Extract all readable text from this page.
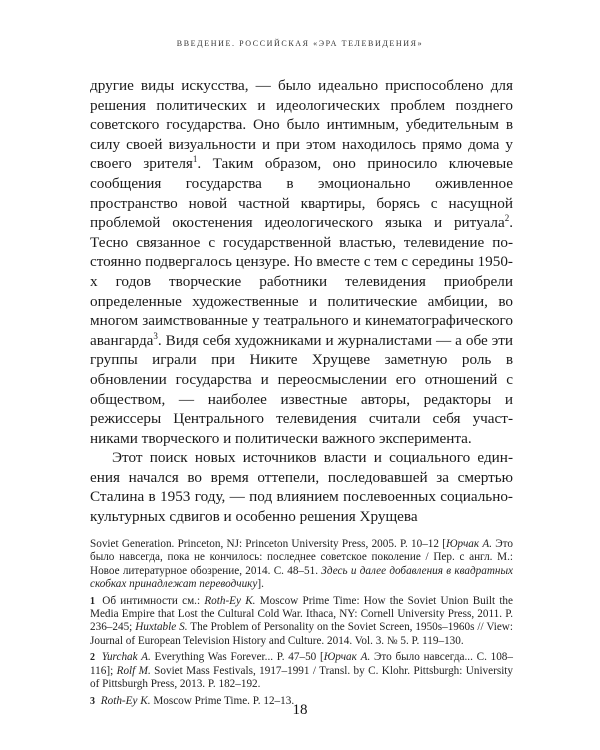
ВВЕДЕНИЕ. РОССИЙСКАЯ «ЭРА ТЕЛЕВИДЕНИЯ»

другие виды искусства, — было идеально приспособлено для решения политических и идеологических проблем позднего советского государства. Оно было интимным, убедительным в силу своей визуальности и при этом находилось прямо дома у своего зрителя$^1$. Таким образом, оно приносило ключевые сообщения государства в эмоционально оживленное пространство новой частной квартиры, борясь с насущной проблемой окостенения идеологического языка и ритуала$^2$. Тесно связанное с государственной властью, телевидение постоянно подвергалось цензуре. Но вместе с тем с середины 1950-х годов творческие работники телевидения приобрели определенные художественные и политические амбиции, во многом заимствованные у театрального и кинематографического авангарда$^3$. Видя себя художниками и журналистами — а обе эти группы играли при Никите Хрущеве заметную роль в обновлении государства и переосмыслении его отношений с обществом, — наиболее известные авторы, редакторы и режиссеры Центрального телевидения считали себя участниками творческого и политически важного эксперимента.

Этот поиск новых источников власти и социального единения начался во время оттепели, последовавшей за смертью Сталина в 1953 году, — под влиянием послевоенных социально-культурных сдвигов и особенно решения Хрущева

Soviet Generation. Princeton, NJ: Princeton University Press, 2005. P. 10–12 [Юрчак А. Это было навсегда, пока не кончилось: последнее советское поколение / Пер. с англ. М.: Новое литературное обозрение, 2014. С. 48–51. Здесь и далее добавления в квадратных скобках принадлежат переводчику].

1 Об интимности см.: Roth-Ey K. Moscow Prime Time: How the Soviet Union Built the Media Empire that Lost the Cultural Cold War. Ithaca, NY: Cornell University Press, 2011. P. 236–245; Huxtable S. The Problem of Personality on the Soviet Screen, 1950s–1960s // View: Journal of European Television History and Culture. 2014. Vol. 3. № 5. P. 119–130.

2 Yurchak A. Everything Was Forever... P. 47–50 [Юрчак А. Это было навсегда... С. 108–116]; Rolf M. Soviet Mass Festivals, 1917–1991 / Transl. by C. Klohr. Pittsburgh: University of Pittsburgh Press, 2013. P. 182–192.

3 Roth-Ey K. Moscow Prime Time. P. 12–13.

18
